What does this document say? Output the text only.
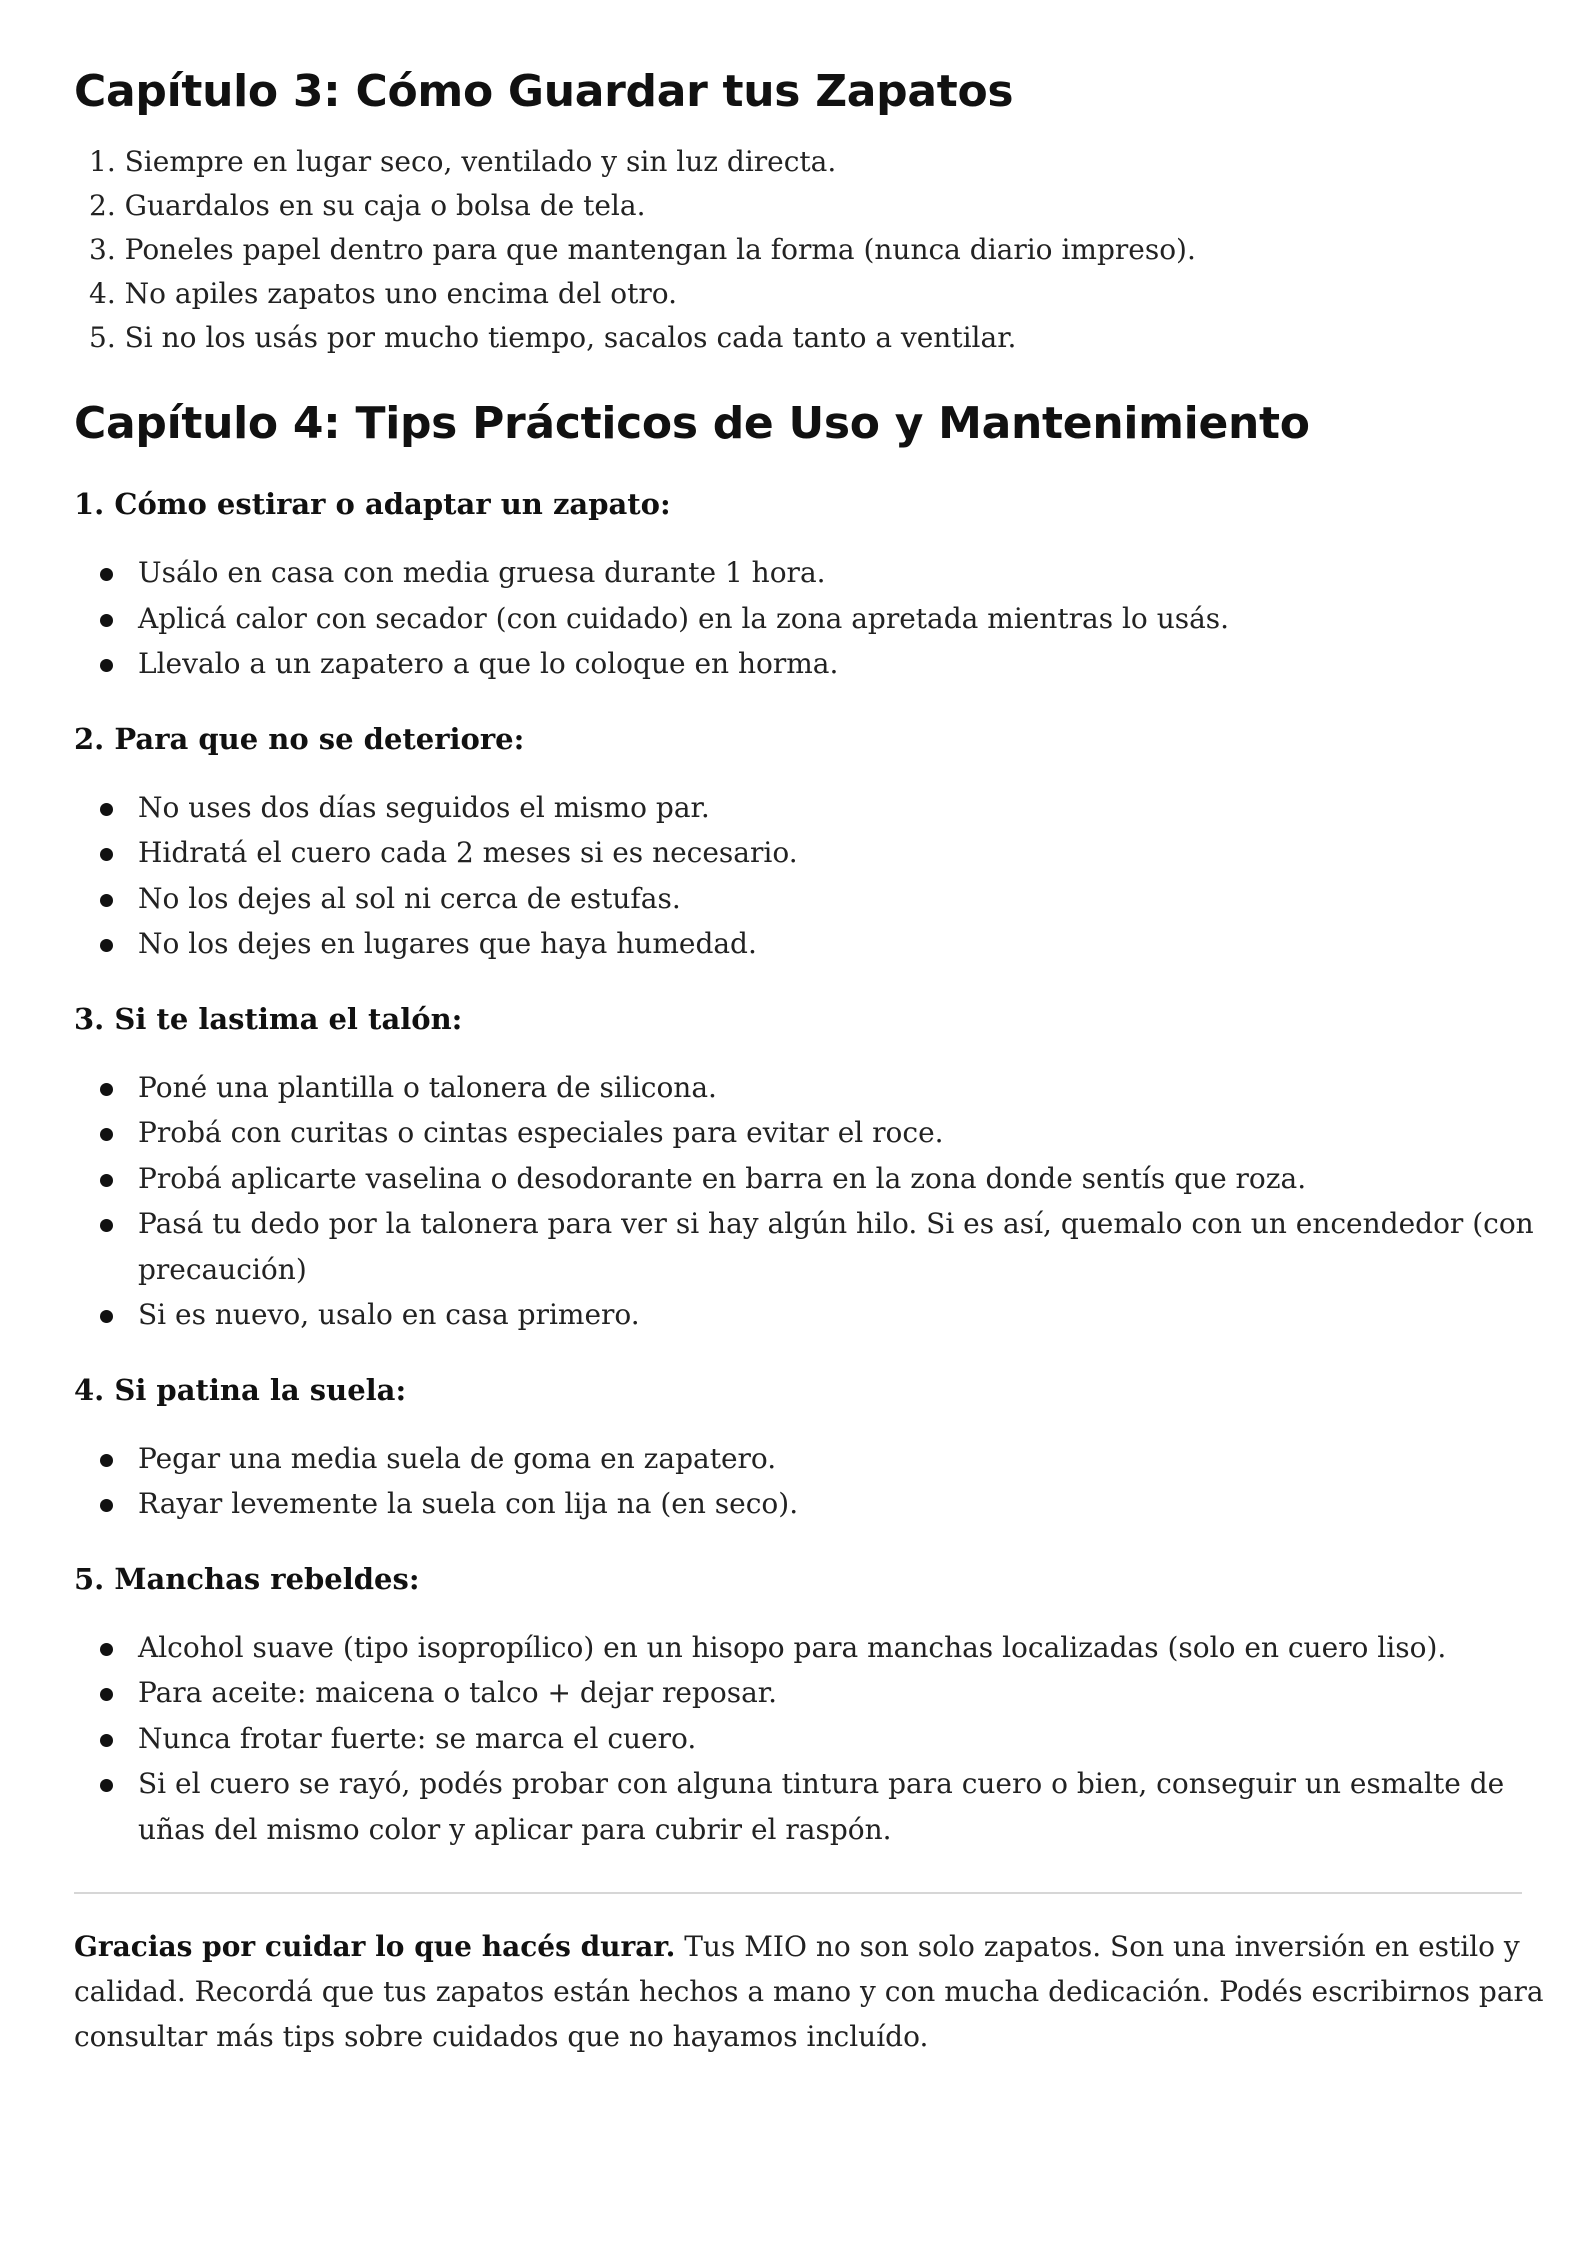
Capítulo 3: Cómo Guardar tus Zapatos
1. Siempre en lugar seco, ventilado y sin luz directa.
2. Guardalos en su caja o bolsa de tela.
3. Poneles papel dentro para que mantengan la forma (nunca diario impreso).
4. No apiles zapatos uno encima del otro.
5. Si no los usás por mucho tiempo, sacalos cada tanto a ventilar.
Capítulo 4: Tips Prácticos de Uso y Mantenimiento
1. Cómo estirar o adaptar un zapato:
Usálo en casa con media gruesa durante 1 hora.
Aplicá calor con secador (con cuidado) en la zona apretada mientras lo usás.
Llevalo a un zapatero a que lo coloque en horma.
2. Para que no se deteriore:
No uses dos días seguidos el mismo par.
Hidratá el cuero cada 2 meses si es necesario.
No los dejes al sol ni cerca de estufas.
No los dejes en lugares que haya humedad.
3. Si te lastima el talón:
Poné una plantilla o talonera de silicona.
Probá con curitas o cintas especiales para evitar el roce.
Probá aplicarte vaselina o desodorante en barra en la zona donde sentís que roza.
Pasá tu dedo por la talonera para ver si hay algún hilo. Si es así, quemalo con un encendedor (con precaución)
Si es nuevo, usalo en casa primero.
4. Si patina la suela:
Pegar una media suela de goma en zapatero.
Rayar levemente la suela con lija na (en seco).
5. Manchas rebeldes:
Alcohol suave (tipo isopropílico) en un hisopo para manchas localizadas (solo en cuero liso).
Para aceite: maicena o talco + dejar reposar.
Nunca frotar fuerte: se marca el cuero.
Si el cuero se rayó, podés probar con alguna tintura para cuero o bien, conseguir un esmalte de uñas del mismo color y aplicar para cubrir el raspón.

Gracias por cuidar lo que hacés durar. Tus MIO no son solo zapatos. Son una inversión en estilo y calidad. Recordá que tus zapatos están hechos a mano y con mucha dedicación. Podés escribirnos para consultar más tips sobre cuidados que no hayamos incluído.
